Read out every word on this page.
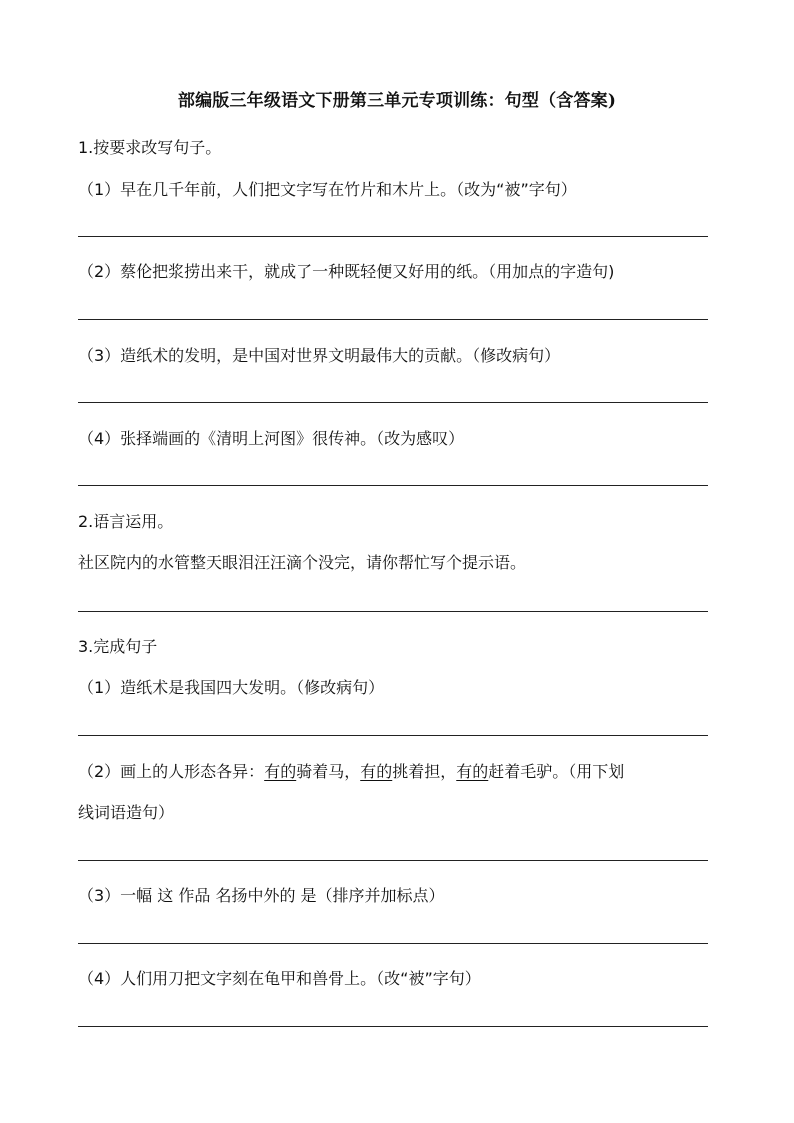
部编版三年级语文下册第三单元专项训练：句型（含答案)
1.按要求改写句子。
（1）早在几千年前，人们把文字写在竹片和木片上。（改为“被”字句）
（2）蔡伦把浆捞出来干，就成了一种既轻便又好用的纸。（用加点的字造句)
（3）造纸术的发明，是中国对世界文明最伟大的贡献。（修改病句）
（4）张择端画的《清明上河图》很传神。（改为感叹）
2.语言运用。
社区院内的水管整天眼泪汪汪滴个没完，请你帮忙写个提示语。
3.完成句子
（1）造纸术是我国四大发明。（修改病句）
（2）画上的人形态各异：有的骑着马，有的挑着担，有的赶着毛驴。（用下划
线词语造句）
（3）一幅 这 作品 名扬中外的 是（排序并加标点）
（4）人们用刀把文字刻在龟甲和兽骨上。（改“被”字句）
